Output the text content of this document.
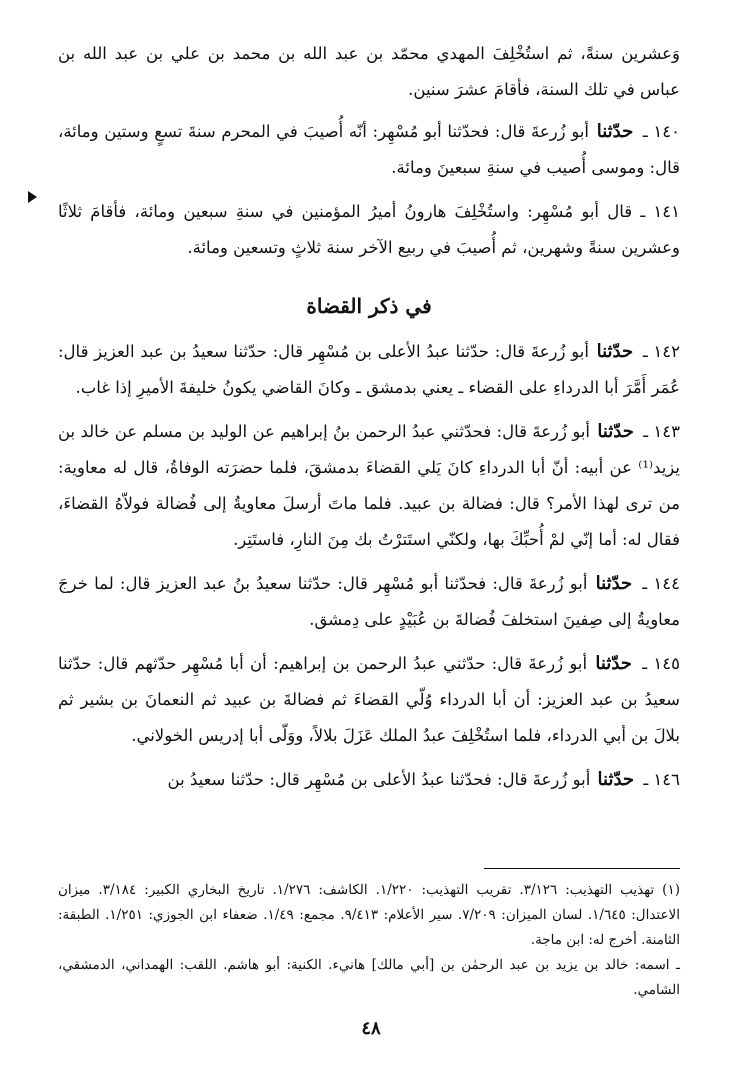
وَعشرين سنةً، ثم استُخْلِفَ المهدي محمّد بن عبد الله بن محمد بن علي بن عبد الله بن عباس في تلك السنة، فأقامَ عشرَ سنين.

١٤٠ ـ حدّثنا أبو زُرعةَ قال: فحدّثنا أبو مُسْهِر: أنّه أُصيبَ في المحرم سنةَ تسعٍ وستين ومائة، قال: وموسى أُصيب في سنةِ سبعينَ ومائة.

١٤١ ـ قال أبو مُسْهِر: واستُخْلِفَ هارونُ أميرُ المؤمنين في سنةِ سبعين ومائة، فأقامَ ثلاثًا وعشرين سنةً وشهرين، ثم أُصيبَ في ربيع الآخر سنة ثلاثٍ وتسعين ومائة.

في ذكر القضاة

١٤٢ ـ حدّثنا أبو زُرعةَ قال: حدّثنا عبدُ الأعلى بن مُسْهِر قال: حدّثنا سعيدُ بن عبد العزيز قال: عُمَر أَمَّرَ أبا الدرداءِ على القضاء ـ يعني بدمشق ـ وكانَ القاضي يكونُ خليفةَ الأميرِ إذا غاب.

١٤٣ ـ حدّثنا أبو زُرعةَ قال: فحدّثني عبدُ الرحمن بنُ إبراهيم عن الوليد بن مسلم عن خالد بن يزيد⁽¹⁾ عن أبيه: أنّ أبا الدرداءِ كانَ يَلي القضاءَ بدمشقَ، فلما حضرَته الوفاةُ، قال له معاوية: من ترى لهذا الأمر؟ قال: فضالة بن عبيد. فلما ماتَ أرسلَ معاويةُ إلى فُضالة فولاّهُ القضاءَ، فقال له: أما إنّي لمْ أُحبِّكَ بها، ولكنّي استَترْتُ بك مِنَ النارِ، فاستَتِر.

١٤٤ ـ حدّثنا أبو زُرعةَ قال: فحدّثنا أبو مُسْهِر قال: حدّثنا سعيدُ بنُ عبد العزيز قال: لما خرجَ معاويةُ إلى صِفينَ استخلفَ فُضالةَ بن عُبَيْدٍ على دِمشق.

١٤٥ ـ حدّثنا أبو زُرعةَ قال: حدّثني عبدُ الرحمن بن إبراهيم: أن أبا مُسْهِر حدّثهم قال: حدّثنا سعيدُ بن عبد العزيز: أن أبا الدرداء وُلّي القضاءَ ثم فضالةَ بن عبيد ثم النعمانَ بن بشير ثم بلالَ بن أبي الدرداء، فلما استُخْلِفَ عبدُ الملك عَزَلَ بلالاً، ووَلّى أبا إدريس الخولاني.

١٤٦ ـ حدّثنا أبو زُرعةَ قال: فحدّثنا عبدُ الأعلى بن مُسْهِر قال: حدّثنا سعيدُ بن

(١) تهذيب التهذيب: ٣/١٢٦. تقريب التهذيب: ١/٢٢٠. الكاشف: ١/٢٧٦. تاريخ البخاري الكبير: ٣/١٨٤. ميزان الاعتدال: ١/٦٤٥. لسان الميزان: ٧/٢٠٩. سير الأعلام: ٩/٤١٣. مجمع: ١/٤٩. ضعفاء ابن الجوزي: ١/٢٥١. الطبقة: الثامنة. أخرج له: ابن ماجة.

ـ اسمه: خالد بن يزيد بن عبد الرحمٰن بن [أبي مالك] هانيء. الكنية: أبو هاشم. اللقب: الهمداني، الدمشقي، الشامي.

٤٨
